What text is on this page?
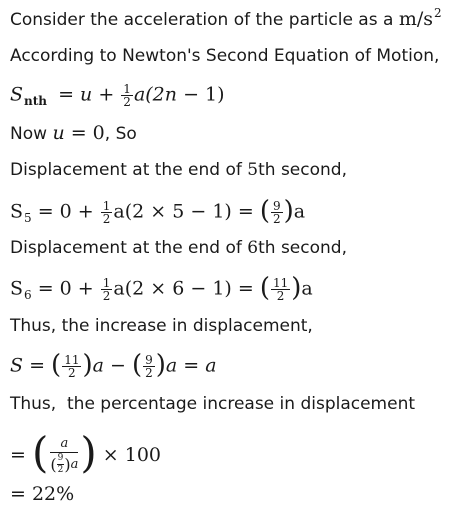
Consider the acceleration of the particle as a $m/s^2$
According to Newton's Second Equation of Motion,
$S_{nth} = u + \frac{1}{2} a(2n - 1)$
Now u = 0, So
Displacement at the end of 5th second,
$S_5 = 0 + \frac{1}{2} a(2 \times 5 - 1)$ = ( $\frac{9}{2} )a$
Displacement at the end of 6th second,
$S_6 = 0 + \frac{1}{2} a(2 \times 6 - 1)$ = ( $\frac{11}{2} )a$
Thus, the increase in displacement,
S = ( $\frac{11}{2} )a$ − ( $\frac{9}{2} )a = a$
Thus,  the percentage increase in displacement
= ( $\frac{a}{( \frac{9}{2} ) a}$ ) × 100
= 22%
